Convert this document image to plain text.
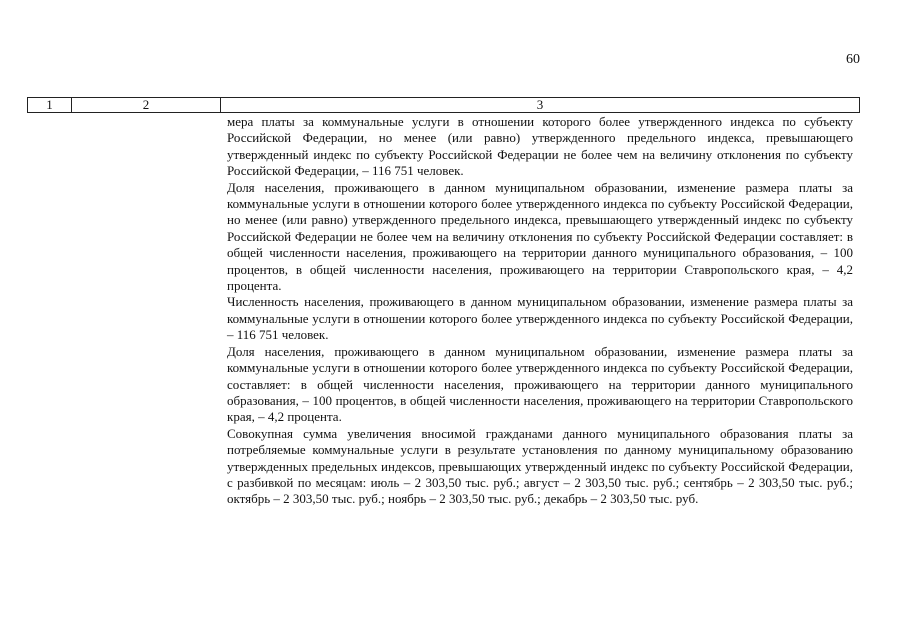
60
1	2	3

мера платы за коммунальные услуги в отношении которого более утвержденного индекса по субъекту Российской Федерации, но менее (или равно) утвержденного предельного индекса, превышающего утвержденный индекс по субъекту Российской Федерации не более чем на величину отклонения по субъекту Российской Федерации, – 116 751 человек.

Доля населения, проживающего в данном муниципальном образовании, изменение размера платы за коммунальные услуги в отношении которого более утвержденного индекса по субъекту Российской Федерации, но менее (или равно) утвержденного предельного индекса, превышающего утвержденный индекс по субъекту Российской Федерации не более чем на величину отклонения по субъекту Российской Федерации составляет: в общей численности населения, проживающего на территории данного муниципального образования, – 100 процентов, в общей численности населения, проживающего на территории Ставропольского края, – 4,2 процента.

Численность населения, проживающего в данном муниципальном образовании, изменение размера платы за коммунальные услуги в отношении которого более утвержденного индекса по субъекту Российской Федерации, – 116 751 человек.

Доля населения, проживающего в данном муниципальном образовании, изменение размера платы за коммунальные услуги в отношении которого более утвержденного индекса по субъекту Российской Федерации, составляет: в общей численности населения, проживающего на территории данного муниципального образования, – 100 процентов, в общей численности населения, проживающего на территории Ставропольского края, – 4,2 процента.

Совокупная сумма увеличения вносимой гражданами данного муниципального образования платы за потребляемые коммунальные услуги в результате установления по данному муниципальному образованию утвержденных предельных индексов, превышающих утвержденный индекс по субъекту Российской Федерации, с разбивкой по месяцам: июль – 2 303,50 тыс. руб.; август – 2 303,50 тыс. руб.; сентябрь – 2 303,50 тыс. руб.; октябрь – 2 303,50 тыс. руб.; ноябрь – 2 303,50 тыс. руб.; декабрь – 2 303,50 тыс. руб.
